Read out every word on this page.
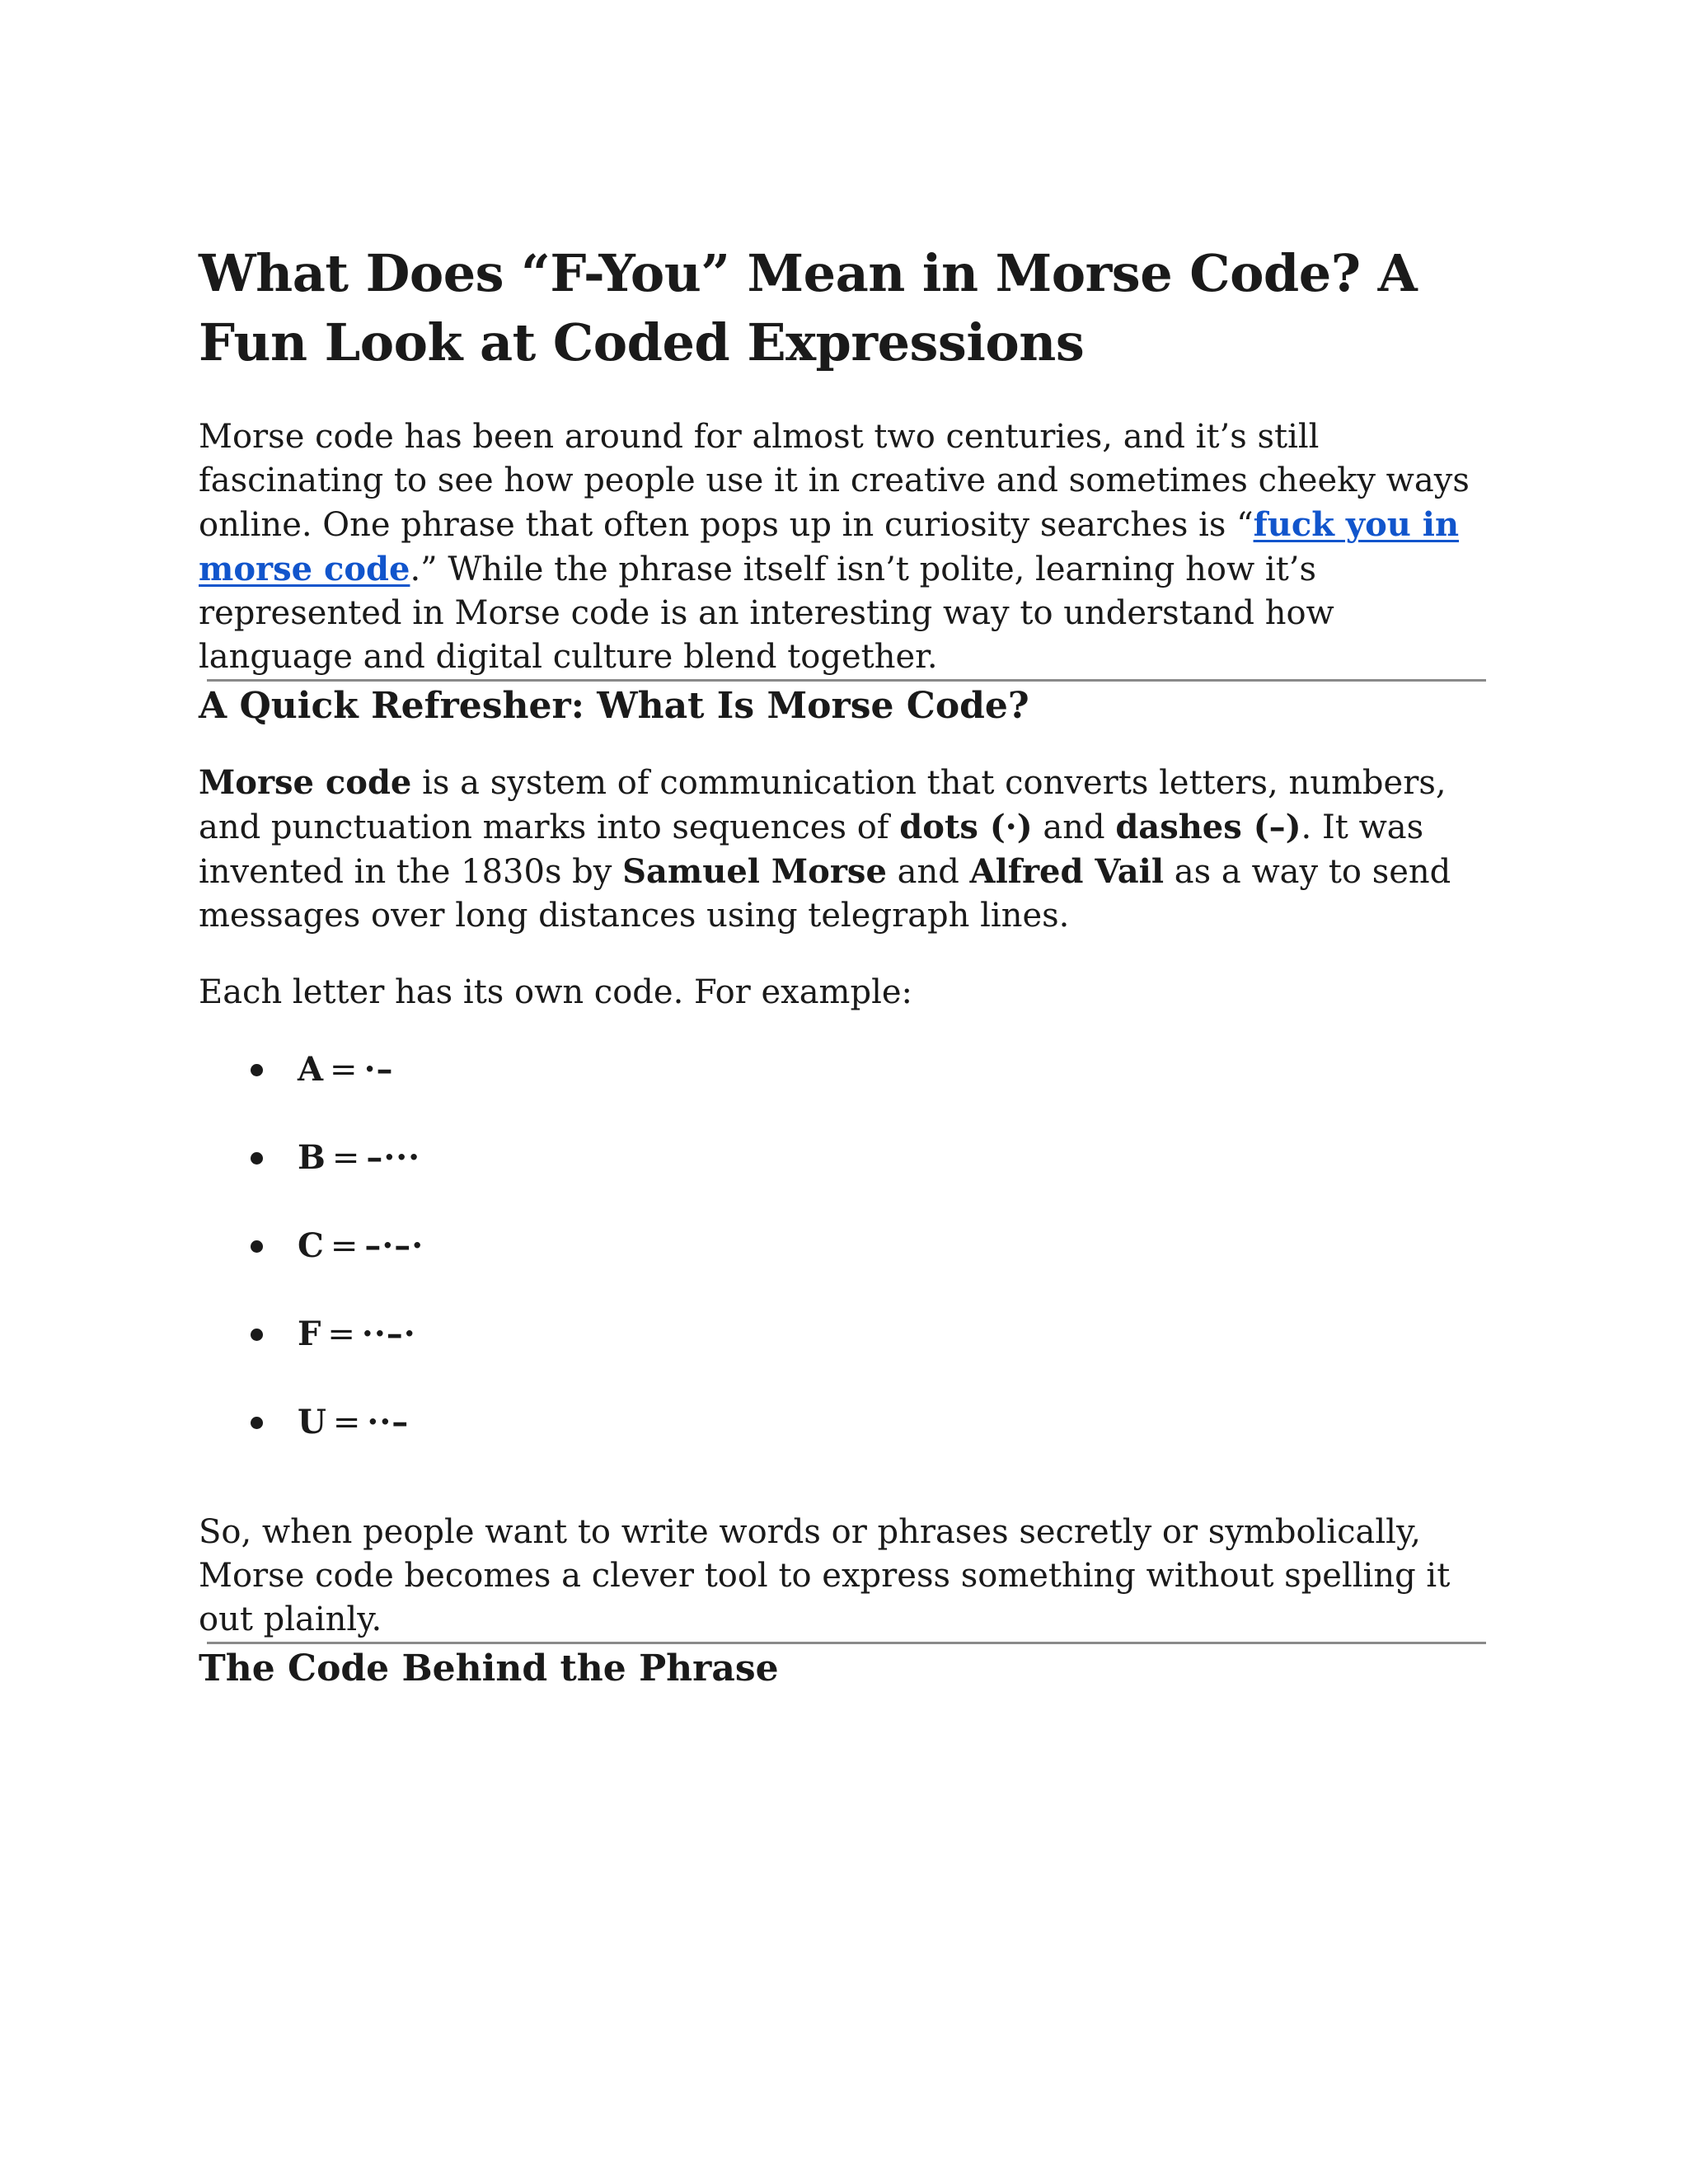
What Does “F-You” Mean in Morse Code? A Fun Look at Coded Expressions

Morse code has been around for almost two centuries, and it’s still fascinating to see how people use it in creative and sometimes cheeky ways online. One phrase that often pops up in curiosity searches is “fuck you in morse code.” While the phrase itself isn’t polite, learning how it’s represented in Morse code is an interesting way to understand how language and digital culture blend together.

A Quick Refresher: What Is Morse Code?

Morse code is a system of communication that converts letters, numbers, and punctuation marks into sequences of dots (·) and dashes (–). It was invented in the 1830s by Samuel Morse and Alfred Vail as a way to send messages over long distances using telegraph lines.

Each letter has its own code. For example:

A = ·–
B = –···
C = –·–·
F = ··–·
U = ··–

So, when people want to write words or phrases secretly or symbolically, Morse code becomes a clever tool to express something without spelling it out plainly.

The Code Behind the Phrase
